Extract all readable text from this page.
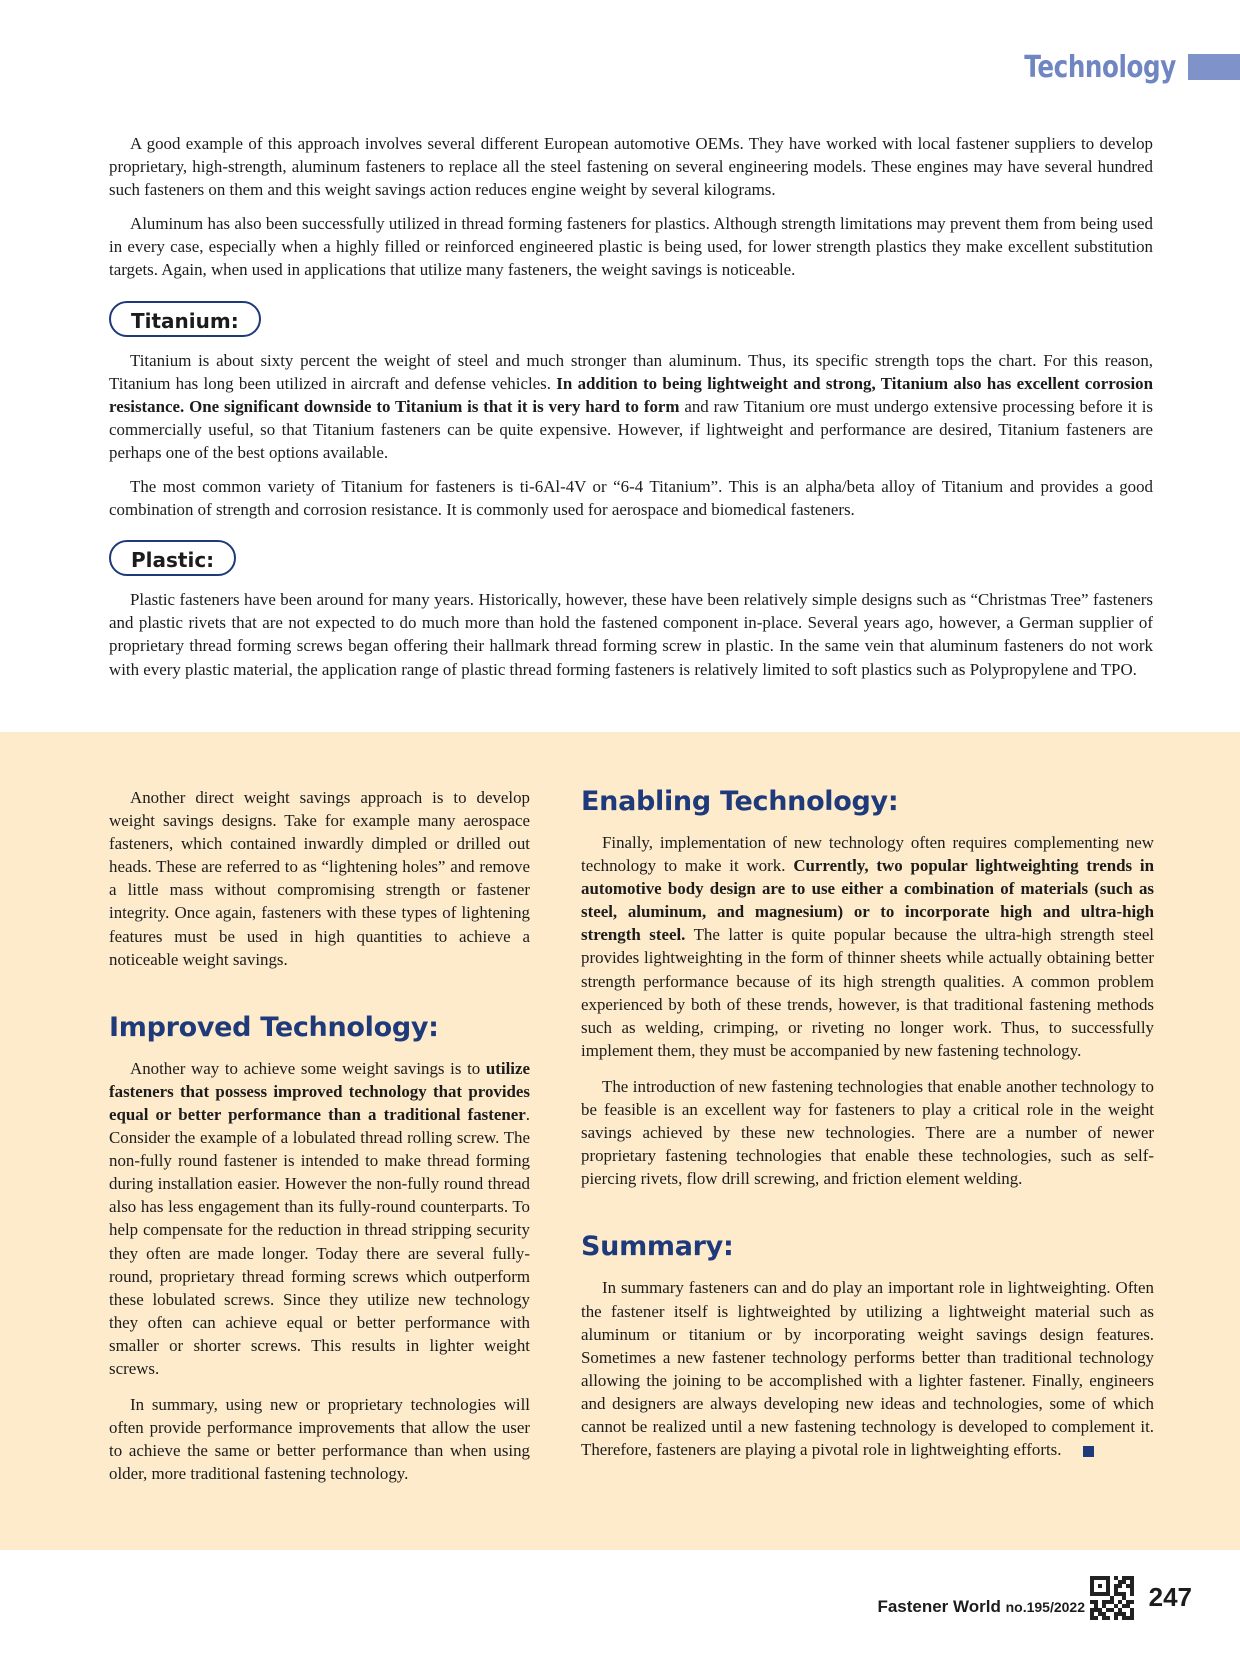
Technology

A good example of this approach involves several different European automotive OEMs. They have worked with local fastener suppliers to develop proprietary, high-strength, aluminum fasteners to replace all the steel fastening on several engineering models. These engines may have several hundred such fasteners on them and this weight savings action reduces engine weight by several kilograms.

Aluminum has also been successfully utilized in thread forming fasteners for plastics. Although strength limitations may prevent them from being used in every case, especially when a highly filled or reinforced engineered plastic is being used, for lower strength plastics they make excellent substitution targets. Again, when used in applications that utilize many fasteners, the weight savings is noticeable.

Titanium:

Titanium is about sixty percent the weight of steel and much stronger than aluminum. Thus, its specific strength tops the chart. For this reason, Titanium has long been utilized in aircraft and defense vehicles. In addition to being lightweight and strong, Titanium also has excellent corrosion resistance. One significant downside to Titanium is that it is very hard to form and raw Titanium ore must undergo extensive processing before it is commercially useful, so that Titanium fasteners can be quite expensive. However, if lightweight and performance are desired, Titanium fasteners are perhaps one of the best options available.

The most common variety of Titanium for fasteners is ti-6Al-4V or “6-4 Titanium”. This is an alpha/beta alloy of Titanium and provides a good combination of strength and corrosion resistance. It is commonly used for aerospace and biomedical fasteners.

Plastic:

Plastic fasteners have been around for many years. Historically, however, these have been relatively simple designs such as “Christmas Tree” fasteners and plastic rivets that are not expected to do much more than hold the fastened component in-place. Several years ago, however, a German supplier of proprietary thread forming screws began offering their hallmark thread forming screw in plastic. In the same vein that aluminum fasteners do not work with every plastic material, the application range of plastic thread forming fasteners is relatively limited to soft plastics such as Polypropylene and TPO.

Another direct weight savings approach is to develop weight savings designs. Take for example many aerospace fasteners, which contained inwardly dimpled or drilled out heads. These are referred to as “lightening holes” and remove a little mass without compromising strength or fastener integrity. Once again, fasteners with these types of lightening features must be used in high quantities to achieve a noticeable weight savings.

Improved Technology:

Another way to achieve some weight savings is to utilize fasteners that possess improved technology that provides equal or better performance than a traditional fastener. Consider the example of a lobulated thread rolling screw. The non-fully round fastener is intended to make thread forming during installation easier. However the non-fully round thread also has less engagement than its fully-round counterparts. To help compensate for the reduction in thread stripping security they often are made longer. Today there are several fully-round, proprietary thread forming screws which outperform these lobulated screws. Since they utilize new technology they often can achieve equal or better performance with smaller or shorter screws. This results in lighter weight screws.

In summary, using new or proprietary technologies will often provide performance improvements that allow the user to achieve the same or better performance than when using older, more traditional fastening technology.

Enabling Technology:

Finally, implementation of new technology often requires complementing new technology to make it work. Currently, two popular lightweighting trends in automotive body design are to use either a combination of materials (such as steel, aluminum, and magnesium) or to incorporate high and ultra-high strength steel. The latter is quite popular because the ultra-high strength steel provides lightweighting in the form of thinner sheets while actually obtaining better strength performance because of its high strength qualities. A common problem experienced by both of these trends, however, is that traditional fastening methods such as welding, crimping, or riveting no longer work. Thus, to successfully implement them, they must be accompanied by new fastening technology.

The introduction of new fastening technologies that enable another technology to be feasible is an excellent way for fasteners to play a critical role in the weight savings achieved by these new technologies. There are a number of newer proprietary fastening technologies that enable these technologies, such as self-piercing rivets, flow drill screwing, and friction element welding.

Summary:

In summary fasteners can and do play an important role in lightweighting. Often the fastener itself is lightweighted by utilizing a lightweight material such as aluminum or titanium or by incorporating weight savings design features. Sometimes a new fastener technology performs better than traditional technology allowing the joining to be accomplished with a lighter fastener. Finally, engineers and designers are always developing new ideas and technologies, some of which cannot be realized until a new fastening technology is developed to complement it. Therefore, fasteners are playing a pivotal role in lightweighting efforts.

Fastener World no.195/2022 247
